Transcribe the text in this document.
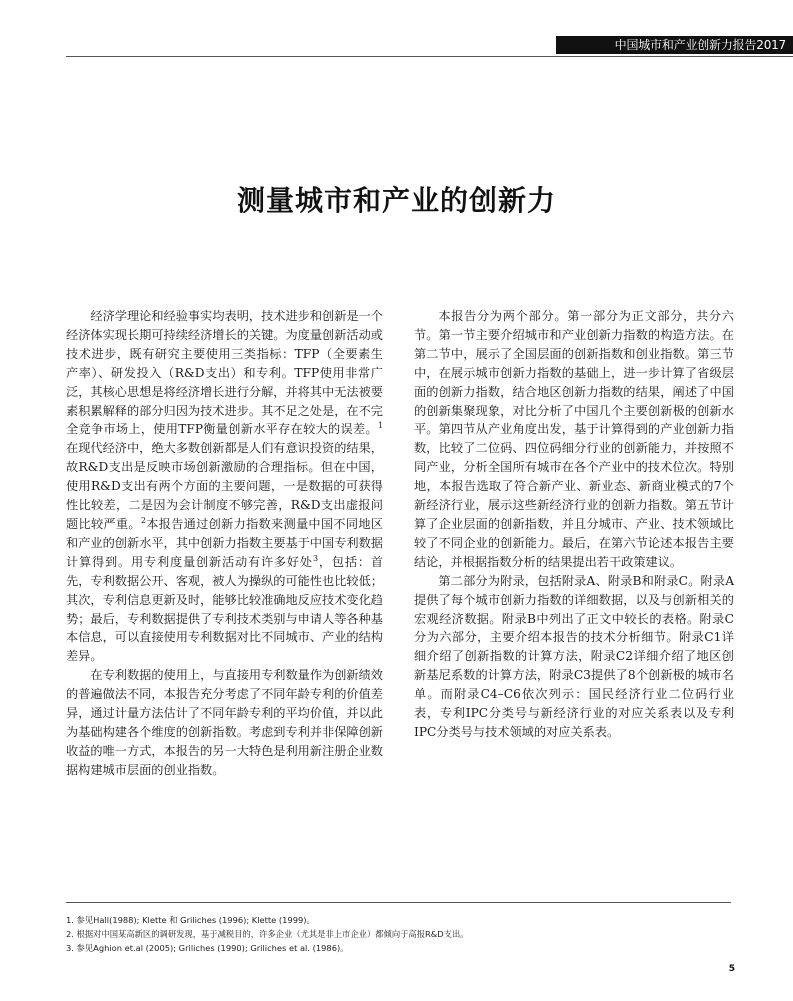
中国城市和产业创新力报告2017
测量城市和产业的创新力

经济学理论和经验事实均表明，技术进步和创新是一个经济体实现长期可持续经济增长的关键。为度量创新活动或技术进步，既有研究主要使用三类指标：TFP（全要素生产率）、研发投入（R&D支出）和专利。TFP使用非常广泛，其核心思想是将经济增长进行分解，并将其中无法被要素积累解释的部分归因为技术进步。其不足之处是，在不完全竞争市场上，使用TFP衡量创新水平存在较大的误差。$^1$在现代经济中，绝大多数创新都是人们有意识投资的结果，故R&D支出是反映市场创新激励的合理指标。但在中国，使用R&D支出有两个方面的主要问题，一是数据的可获得性比较差，二是因为会计制度不够完善，R&D支出虚报问题比较严重。$^2$本报告通过创新力指数来测量中国不同地区和产业的创新水平，其中创新力指数主要基于中国专利数据计算得到。用专利度量创新活动有许多好处$^3$，包括：首先，专利数据公开、客观，被人为操纵的可能性也比较低；其次，专利信息更新及时，能够比较准确地反应技术变化趋势；最后，专利数据提供了专利技术类别与申请人等各种基本信息，可以直接使用专利数据对比不同城市、产业的结构差异。

在专利数据的使用上，与直接用专利数量作为创新绩效的普遍做法不同，本报告充分考虑了不同年龄专利的价值差异，通过计量方法估计了不同年龄专利的平均价值，并以此为基础构建各个维度的创新指数。考虑到专利并非保障创新收益的唯一方式，本报告的另一大特色是利用新注册企业数据构建城市层面的创业指数。

本报告分为两个部分。第一部分为正文部分，共分六节。第一节主要介绍城市和产业创新力指数的构造方法。在第二节中，展示了全国层面的创新指数和创业指数。第三节中，在展示城市创新力指数的基础上，进一步计算了省级层面的创新力指数，结合地区创新力指数的结果，阐述了中国的创新集聚现象，对比分析了中国几个主要创新极的创新水平。第四节从产业角度出发，基于计算得到的产业创新力指数，比较了二位码、四位码细分行业的创新能力，并按照不同产业，分析全国所有城市在各个产业中的技术位次。特别地，本报告选取了符合新产业、新业态、新商业模式的7个新经济行业，展示这些新经济行业的创新力指数。第五节计算了企业层面的创新指数，并且分城市、产业、技术领域比较了不同企业的创新能力。最后，在第六节论述本报告主要结论，并根据指数分析的结果提出若干政策建议。

第二部分为附录，包括附录A、附录B和附录C。附录A提供了每个城市创新力指数的详细数据，以及与创新相关的宏观经济数据。附录B中列出了正文中较长的表格。附录C分为六部分，主要介绍本报告的技术分析细节。附录C1详细介绍了创新指数的计算方法，附录C2详细介绍了地区创新基尼系数的计算方法，附录C3提供了8个创新极的城市名单。而附录C4–C6依次列示：国民经济行业二位码行业表，专利IPC分类号与新经济行业的对应关系表以及专利IPC分类号与技术领域的对应关系表。

1. 参见Hall(1988); Klette 和 Griliches (1996); Klette (1999)。
2. 根据对中国某高新区的调研发现，基于减税目的，许多企业（尤其是非上市企业）都倾向于高报R&D支出。
3. 参见Aghion et.al (2005); Griliches (1990); Griliches et al. (1986)。
5
